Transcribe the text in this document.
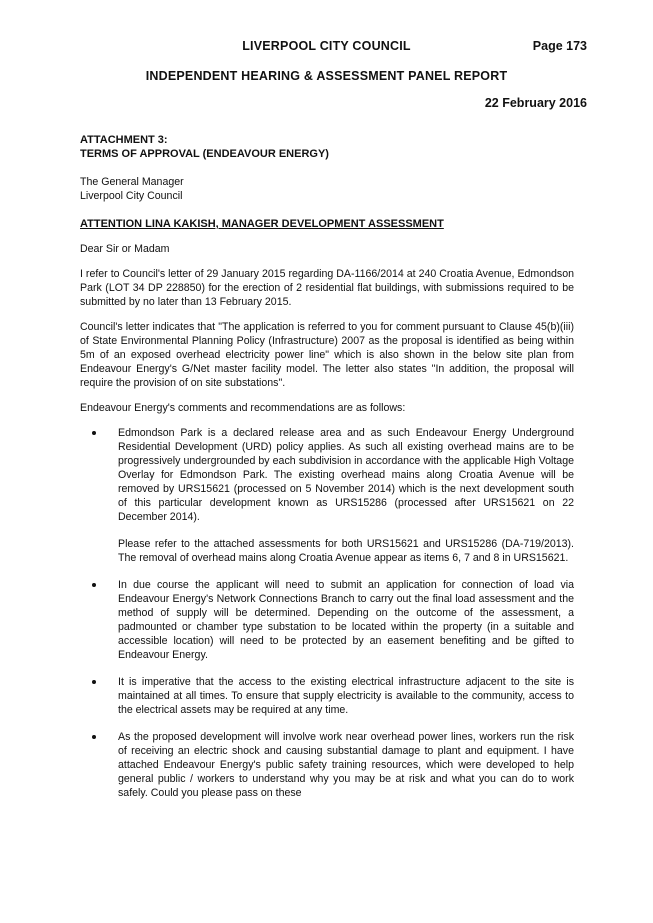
LIVERPOOL CITY COUNCIL	Page 173
INDEPENDENT HEARING & ASSESSMENT PANEL REPORT
22 February 2016

ATTACHMENT 3:

TERMS OF APPROVAL (ENDEAVOUR ENERGY)

The General Manager

Liverpool City Council

ATTENTION LINA KAKISH, MANAGER DEVELOPMENT ASSESSMENT

Dear Sir or Madam

I refer to Council's letter of 29 January 2015 regarding DA-1166/2014 at 240 Croatia Avenue, Edmondson Park (LOT 34 DP 228850) for the erection of 2 residential flat buildings, with submissions required to be submitted by no later than 13 February 2015.

Council's letter indicates that "The application is referred to you for comment pursuant to Clause 45(b)(iii) of State Environmental Planning Policy (Infrastructure) 2007 as the proposal is identified as being within 5m of an exposed overhead electricity power line" which is also shown in the below site plan from Endeavour Energy's G/Net master facility model. The letter also states "In addition, the proposal will require the provision of on site substations".

Endeavour Energy's comments and recommendations are as follows:

Edmondson Park is a declared release area and as such Endeavour Energy Underground Residential Development (URD) policy applies. As such all existing overhead mains are to be progressively undergrounded by each subdivision in accordance with the applicable High Voltage Overlay for Edmondson Park. The existing overhead mains along Croatia Avenue will be removed by URS15621 (processed on 5 November 2014) which is the next development south of this particular development known as URS15286 (processed after URS15621 on 22 December 2014).
Please refer to the attached assessments for both URS15621 and URS15286 (DA-719/2013). The removal of overhead mains along Croatia Avenue appear as items 6, 7 and 8 in URS15621.
In due course the applicant will need to submit an application for connection of load via Endeavour Energy's Network Connections Branch to carry out the final load assessment and the method of supply will be determined. Depending on the outcome of the assessment, a padmounted or chamber type substation to be located within the property (in a suitable and accessible location) will need to be protected by an easement benefiting and be gifted to Endeavour Energy.
It is imperative that the access to the existing electrical infrastructure adjacent to the site is maintained at all times. To ensure that supply electricity is available to the community, access to the electrical assets may be required at any time.
As the proposed development will involve work near overhead power lines, workers run the risk of receiving an electric shock and causing substantial damage to plant and equipment. I have attached Endeavour Energy's public safety training resources, which were developed to help general public / workers to understand why you may be at risk and what you can do to work safely. Could you please pass on these
